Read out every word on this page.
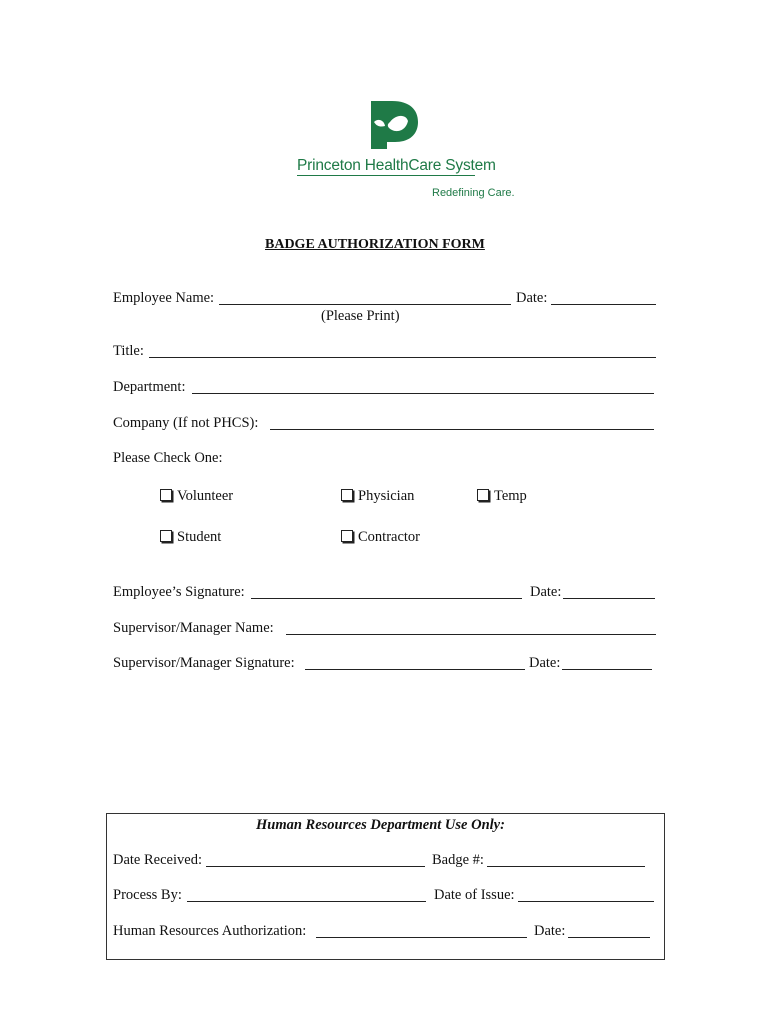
Princeton HealthCare System
Redefining Care.
BADGE AUTHORIZATION FORM
Employee Name:	Date:
(Please Print)
Title:
Department:
Company (If not PHCS):
Please Check One:
Volunteer	Physician	Temp
Student	Contractor
Employee’s Signature:	Date:
Supervisor/Manager Name:
Supervisor/Manager Signature:	Date:
Human Resources Department Use Only:
Date Received:	Badge #:
Process By:	Date of Issue:
Human Resources Authorization:	Date:
